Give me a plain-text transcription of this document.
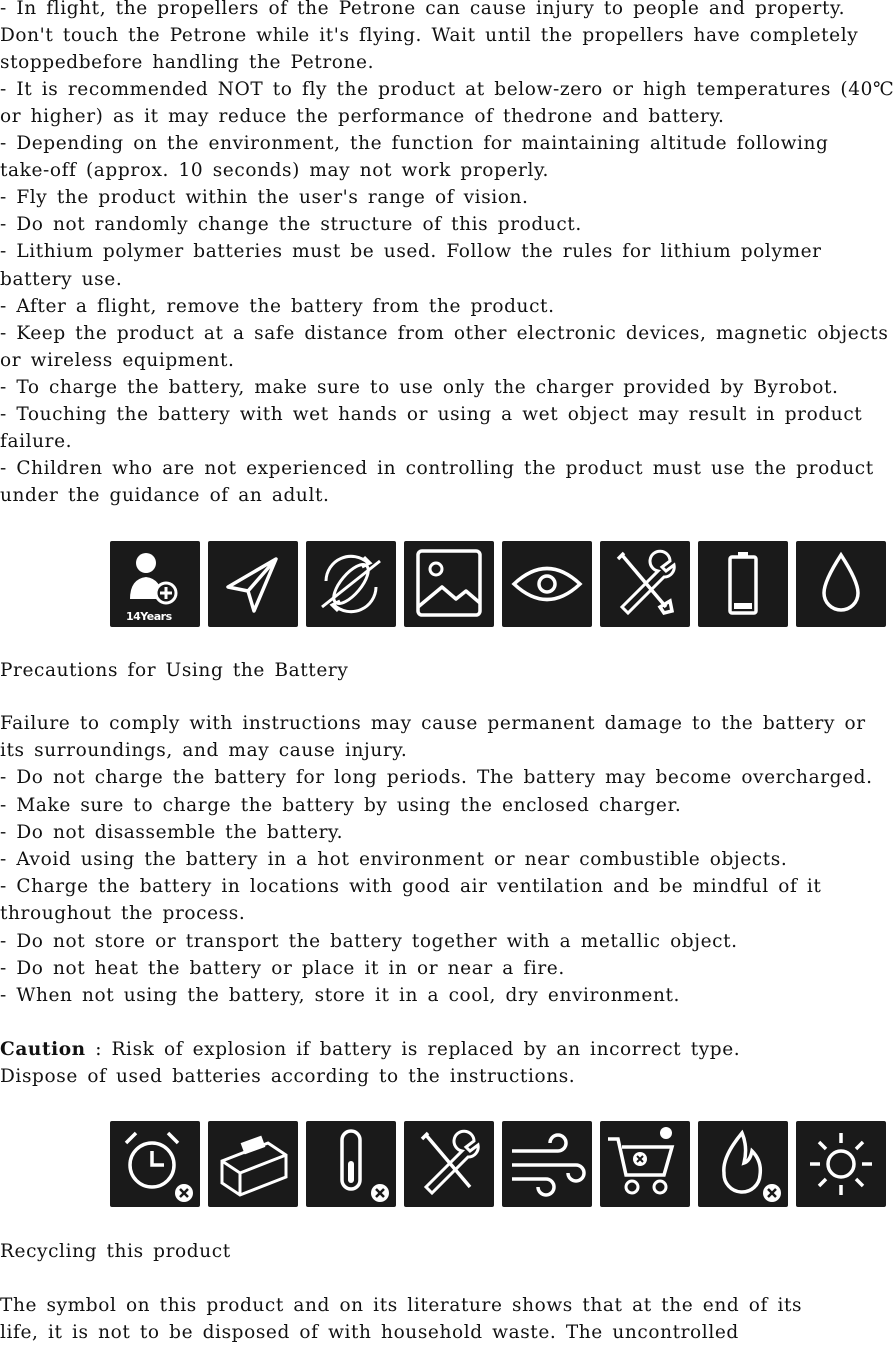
- In flight, the propellers of the Petrone can cause injury to people and property.
Don't touch the Petrone while it's flying. Wait until the propellers have completely
stoppedbefore handling the Petrone.
- It is recommended NOT to fly the product at below-zero or high temperatures (40℃
or higher) as it may reduce the performance of thedrone and battery.
- Depending on the environment, the function for maintaining altitude following
take-off (approx. 10 seconds) may not work properly.
- Fly the product within the user's range of vision.
- Do not randomly change the structure of this product.
- Lithium polymer batteries must be used. Follow the rules for lithium polymer
battery use.
- After a flight, remove the battery from the product.
- Keep the product at a safe distance from other electronic devices, magnetic objects
or wireless equipment.
- To charge the battery, make sure to use only the charger provided by Byrobot.
- Touching the battery with wet hands or using a wet object may result in product
failure.
- Children who are not experienced in controlling the product must use the product
under the guidance of an adult.
14Years
Precautions for Using the Battery
Failure to comply with instructions may cause permanent damage to the battery or
its surroundings, and may cause injury.
- Do not charge the battery for long periods. The battery may become overcharged.
- Make sure to charge the battery by using the enclosed charger.
- Do not disassemble the battery.
- Avoid using the battery in a hot environment or near combustible objects.
- Charge the battery in locations with good air ventilation and be mindful of it
throughout the process.
- Do not store or transport the battery together with a metallic object.
- Do not heat the battery or place it in or near a fire.
- When not using the battery, store it in a cool, dry environment.
Caution : Risk of explosion if battery is replaced by an incorrect type.
Dispose of used batteries according to the instructions.
Recycling this product
The symbol on this product and on its literature shows that at the end of its
life, it is not to be disposed of with household waste. The uncontrolled
